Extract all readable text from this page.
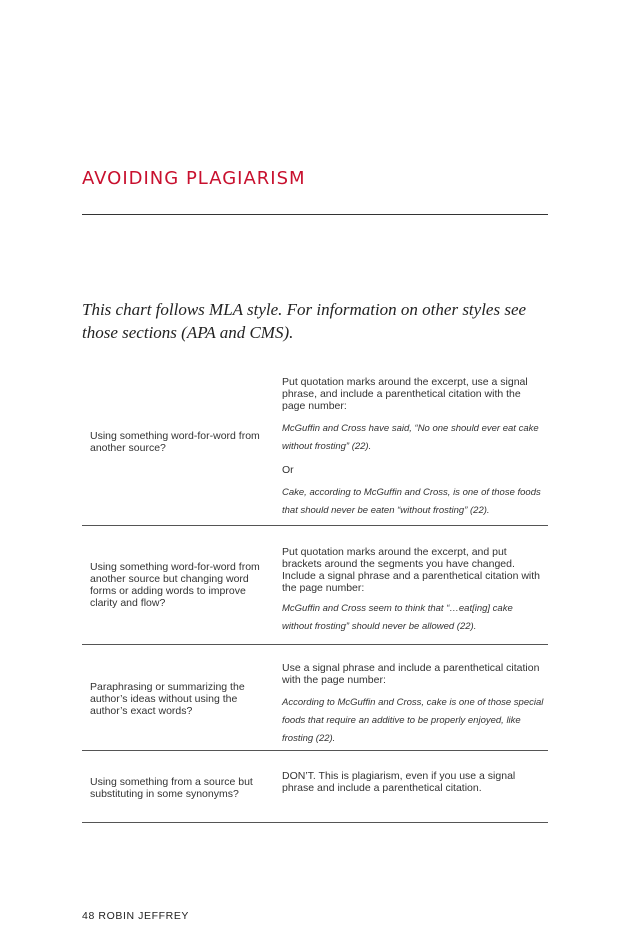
AVOIDING PLAGIARISM

This chart follows MLA style. For information on other styles see those sections (APA and CMS).

Using something word-for-word from another source?

Put quotation marks around the excerpt, use a signal phrase, and include a parenthetical citation with the page number:

McGuffin and Cross have said, “No one should ever eat cake without frosting” (22).

Or

Cake, according to McGuffin and Cross, is one of those foods that should never be eaten “without frosting” (22).

Using something word-for-word from another source but changing word forms or adding words to improve clarity and flow?

Put quotation marks around the excerpt, and put brackets around the segments you have changed. Include a signal phrase and a parenthetical citation with the page number:

McGuffin and Cross seem to think that “…eat[ing] cake without frosting” should never be allowed (22).

Paraphrasing or summarizing the author’s ideas without using the author’s exact words?

Use a signal phrase and include a parenthetical citation with the page number:

According to McGuffin and Cross, cake is one of those special foods that require an additive to be properly enjoyed, like frosting (22).

Using something from a source but substituting in some synonyms?

DON’T. This is plagiarism, even if you use a signal phrase and include a parenthetical citation.

48 ROBIN JEFFREY
